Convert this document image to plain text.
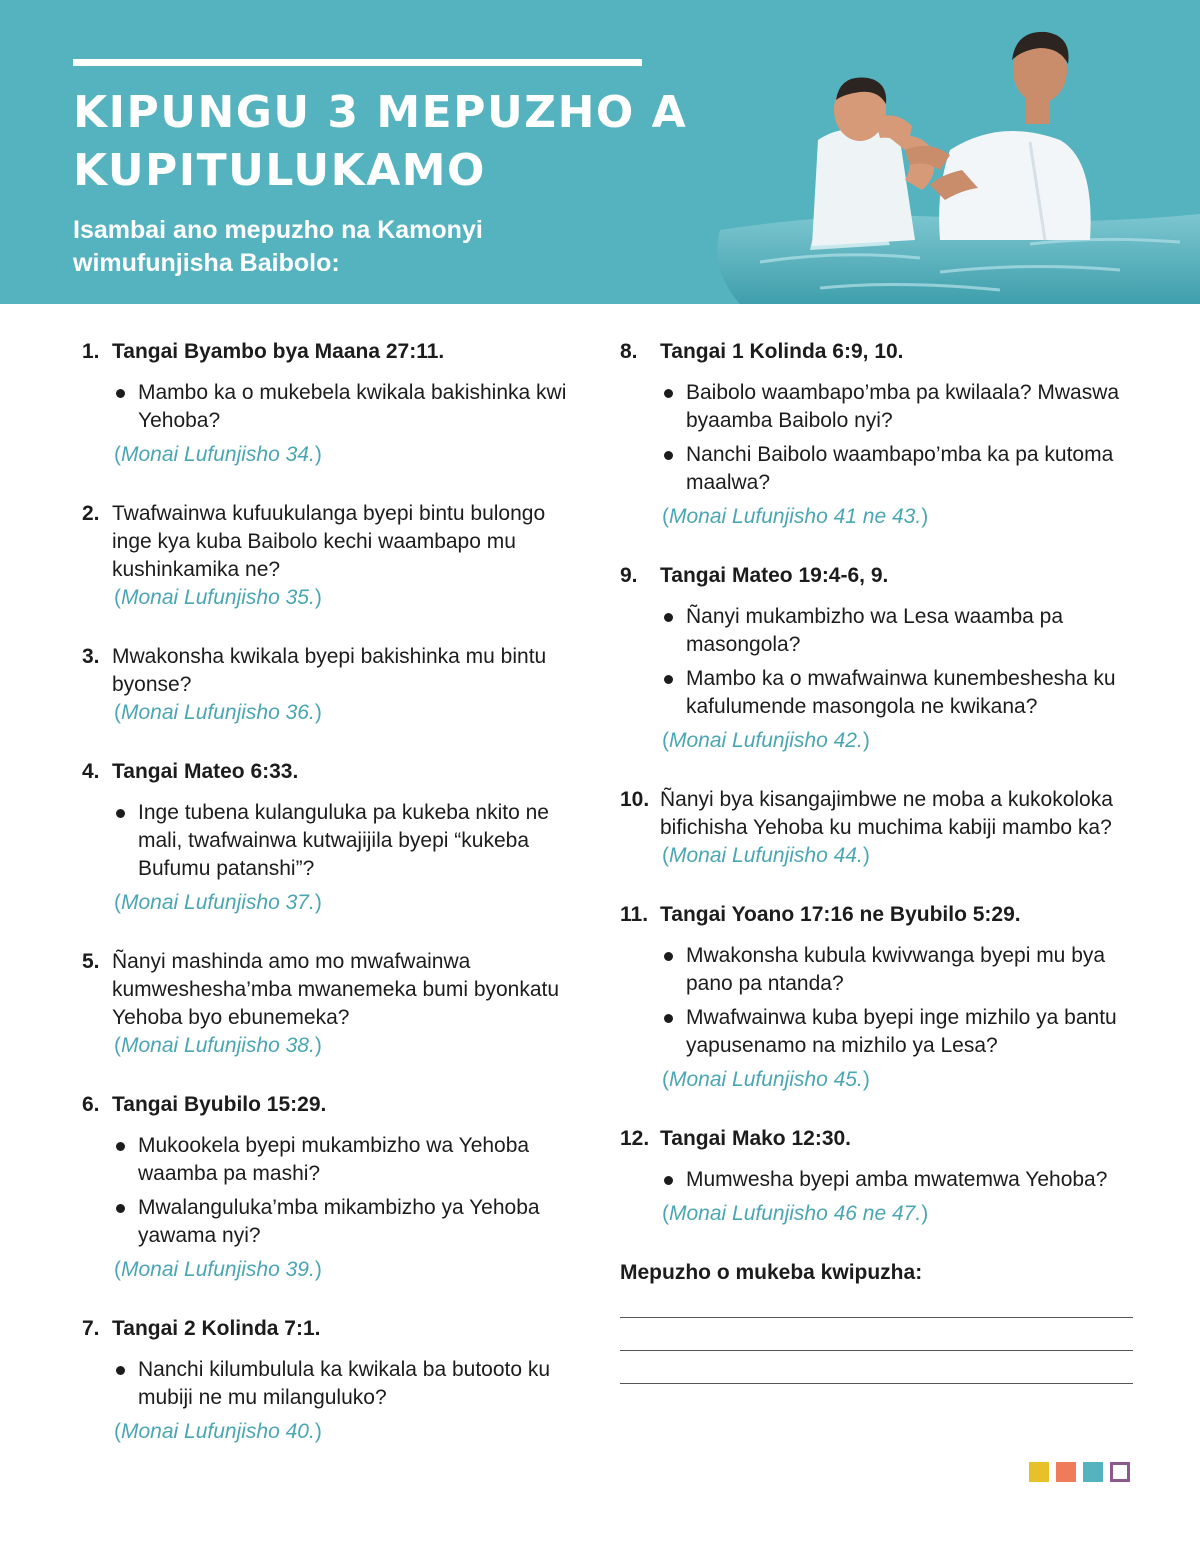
KIPUNGU 3 MEPUZHO A KUPITULUKAMO

Isambai ano mepuzho na Kamonyi wimufunjisha Baibolo:

1. Tangai Byambo bya Maana 27:11.
Mambo ka o mukebela kwikala bakishinka kwi Yehoba?
(Monai Lufunjisho 34.)
2. Twafwainwa kufuukulanga byepi bintu bulongo inge kya kuba Baibolo kechi waambapo mu kushinkamika ne?
(Monai Lufunjisho 35.)
3. Mwakonsha kwikala byepi bakishinka mu bintu byonse?
(Monai Lufunjisho 36.)
4. Tangai Mateo 6:33.
Inge tubena kulanguluka pa kukeba nkito ne mali, twafwainwa kutwajijila byepi “kukeba Bufumu patanshi”?
(Monai Lufunjisho 37.)
5. Ñanyi mashinda amo mo mwafwainwa kumweshesha’mba mwanemeka bumi byonkatu Yehoba byo ebunemeka?
(Monai Lufunjisho 38.)
6. Tangai Byubilo 15:29.
Mukookela byepi mukambizho wa Yehoba waamba pa mashi?
Mwalanguluka’mba mikambizho ya Yehoba yawama nyi?
(Monai Lufunjisho 39.)
7. Tangai 2 Kolinda 7:1.
Nanchi kilumbulula ka kwikala ba butooto ku mubiji ne mu milanguluko?
(Monai Lufunjisho 40.)
8.	Tangai 1 Kolinda 6:9, 10.
Baibolo waambapo’mba pa kwilaala? Mwaswa byaamba Baibolo nyi?
Nanchi Baibolo waambapo’mba ka pa kutoma maalwa?
(Monai Lufunjisho 41 ne 43.)
9.	Tangai Mateo 19:4-6, 9.
Ñanyi mukambizho wa Lesa waamba pa masongola?
Mambo ka o mwafwainwa kunembeshesha ku kafulumende masongola ne kwikana?
(Monai Lufunjisho 42.)
10. Ñanyi bya kisangajimbwe ne moba a kukokoloka bifichisha Yehoba ku muchima kabiji mambo ka?
(Monai Lufunjisho 44.)
11. Tangai Yoano 17:16 ne Byubilo 5:29.
Mwakonsha kubula kwivwanga byepi mu bya pano pa ntanda?
Mwafwainwa kuba byepi inge mizhilo ya bantu yapusenamo na mizhilo ya Lesa?
(Monai Lufunjisho 45.)
12. Tangai Mako 12:30.
Mumwesha byepi amba mwatemwa Yehoba?
(Monai Lufunjisho 46 ne 47.)
Mepuzho o mukeba kwipuzha:
